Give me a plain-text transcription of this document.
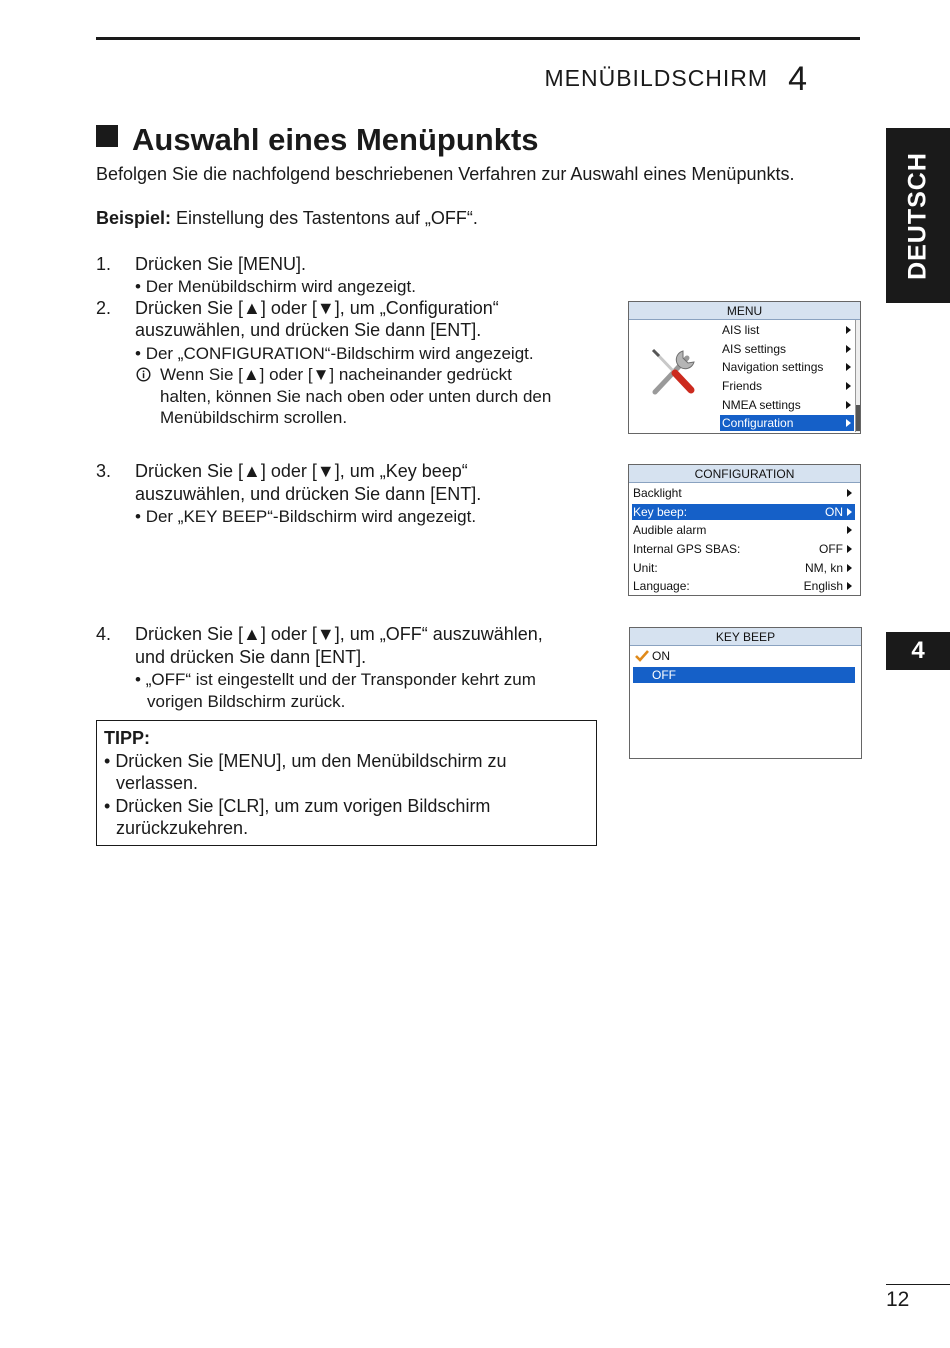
MENÜBILDSCHIRM 4
Auswahl eines Menüpunkts
Befolgen Sie die nachfolgend beschriebenen Verfahren zur Auswahl eines Menüpunkts.
Beispiel: Einstellung des Tastentons auf „OFF“.
1. Drücken Sie [MENU].
• Der Menübildschirm wird angezeigt.
2. Drücken Sie [▲] oder [▼], um „Configuration“
auszuwählen, und drücken Sie dann [ENT].
• Der „CONFIGURATION“-Bildschirm wird angezeigt.
Wenn Sie [▲] oder [▼] nacheinander gedrückt
halten, können Sie nach oben oder unten durch den
Menübildschirm scrollen.
3. Drücken Sie [▲] oder [▼], um „Key beep“
auszuwählen, und drücken Sie dann [ENT].
• Der „KEY BEEP“-Bildschirm wird angezeigt.
4. Drücken Sie [▲] oder [▼], um „OFF“ auszuwählen,
und drücken Sie dann [ENT].
• „OFF“ ist eingestellt und der Transponder kehrt zum
vorigen Bildschirm zurück.
TIPP:
• Drücken Sie [MENU], um den Menübildschirm zu
verlassen.
• Drücken Sie [CLR], um zum vorigen Bildschirm
zurückzukehren.
MENU
AIS list
AIS settings
Navigation settings
Friends
NMEA settings
Configuration
CONFIGURATION
Backlight
Key beep:	ON
Audible alarm
Internal GPS SBAS:	OFF
Unit:	NM, kn
Language:	English
KEY BEEP
ON
OFF
DEUTSCH
4
12
